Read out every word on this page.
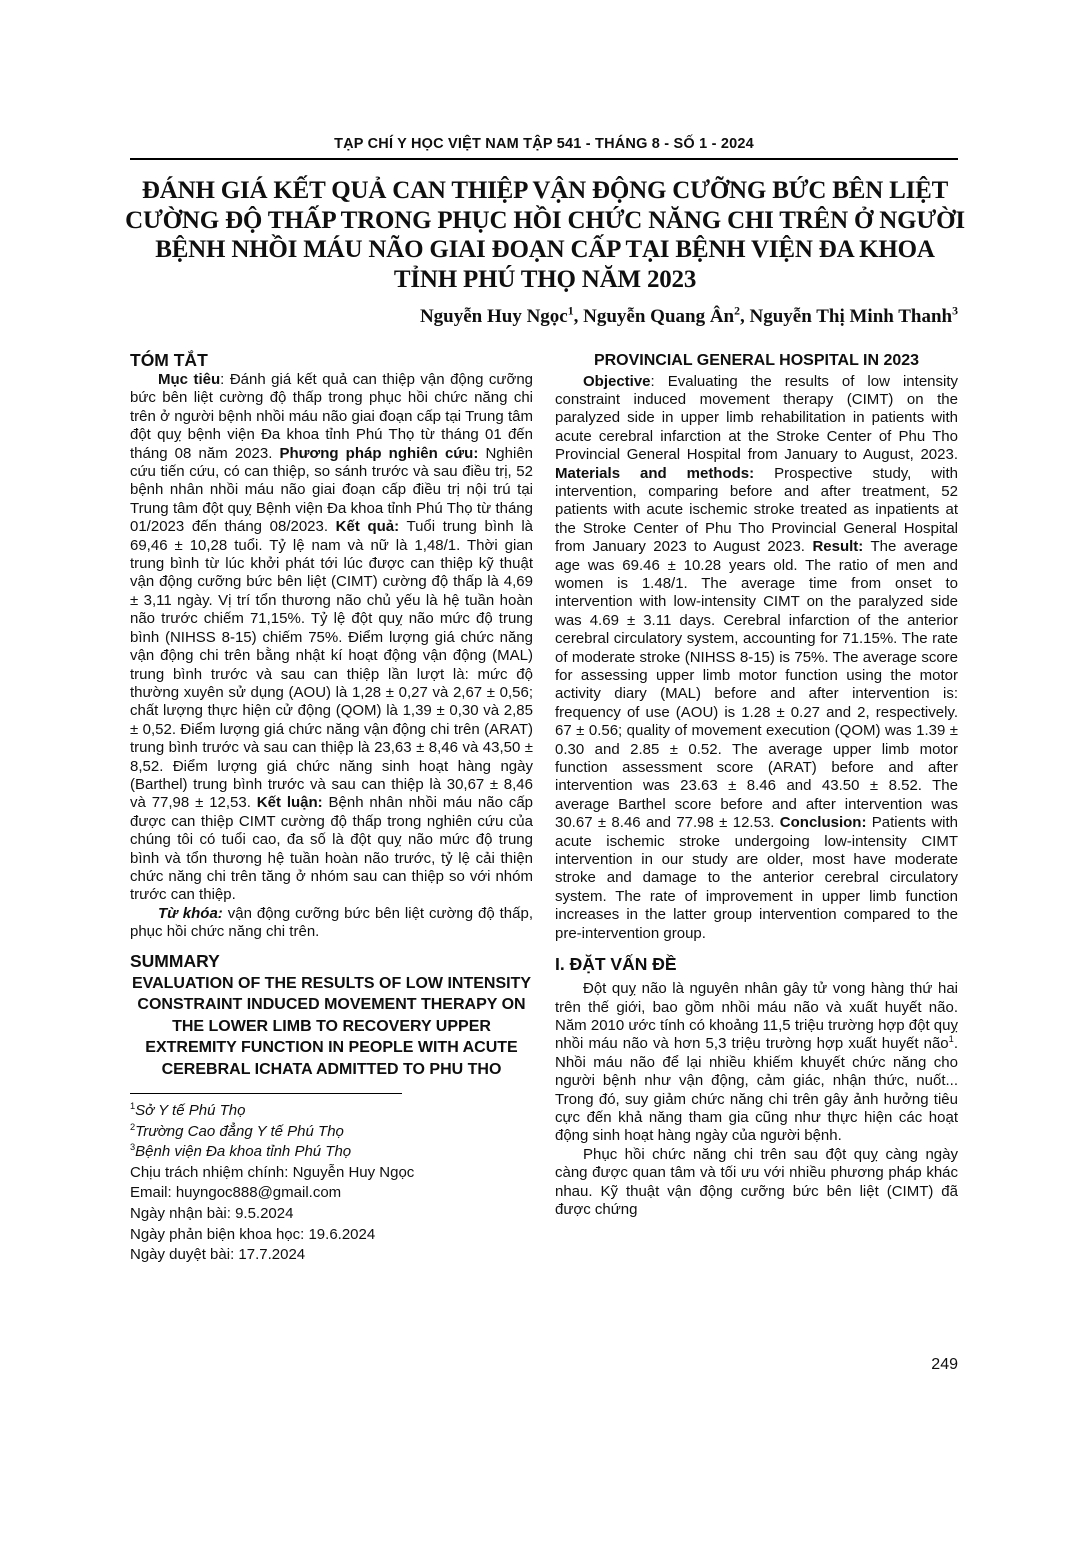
TẠP CHÍ Y HỌC VIỆT NAM TẬP 541 - THÁNG 8 - SỐ 1 - 2024
ĐÁNH GIÁ KẾT QUẢ CAN THIỆP VẬN ĐỘNG CƯỠNG BỨC BÊN LIỆT
CƯỜNG ĐỘ THẤP TRONG PHỤC HỒI CHỨC NĂNG CHI TRÊN Ở NGƯỜI
BỆNH NHỒI MÁU NÃO GIAI ĐOẠN CẤP TẠI BỆNH VIỆN ĐA KHOA
TỈNH PHÚ THỌ NĂM 2023
Nguyễn Huy Ngọc$^1$, Nguyễn Quang $Ân^2$, Nguyễn Thị Minh Thanh$^3$
TÓM TẮT

Mục tiêu: Đánh giá kết quả can thiệp vận động cưỡng bức bên liệt cường độ thấp trong phục hồi chức năng chi trên ở người bệnh nhồi máu não giai đoạn cấp tại Trung tâm đột quỵ bệnh viện Đa khoa tỉnh Phú Thọ từ tháng 01 đến tháng 08 năm 2023. Phương pháp nghiên cứu: Nghiên cứu tiến cứu, có can thiệp, so sánh trước và sau điều trị, 52 bệnh nhân nhồi máu não giai đoạn cấp điều trị nội trú tại Trung tâm đột quỵ Bệnh viện Đa khoa tỉnh Phú Thọ từ tháng 01/2023 đến tháng 08/2023. Kết quả: Tuổi trung bình là 69,46 ± 10,28 tuổi. Tỷ lệ nam và nữ là 1,48/1. Thời gian trung bình từ lúc khởi phát tới lúc được can thiệp kỹ thuật vận động cưỡng bức bên liệt (CIMT) cường độ thấp là 4,69 ± 3,11 ngày. Vị trí tổn thương não chủ yếu là hệ tuần hoàn não trước chiếm 71,15%. Tỷ lệ đột quỵ não mức độ trung bình (NIHSS 8-15) chiếm 75%. Điểm lượng giá chức năng vận động chi trên bằng nhật kí hoạt động vận động (MAL) trung bình trước và sau can thiệp lần lượt là: mức độ thường xuyên sử dụng (AOU) là 1,28 ± 0,27 và 2,67 ± 0,56; chất lượng thực hiện cử động (QOM) là 1,39 ± 0,30 và 2,85 ± 0,52. Điểm lượng giá chức năng vận động chi trên (ARAT) trung bình trước và sau can thiệp là 23,63 ± 8,46 và 43,50 ± 8,52. Điểm lượng giá chức năng sinh hoạt hàng ngày (Barthel) trung bình trước và sau can thiệp là 30,67 ± 8,46 và 77,98 ± 12,53. Kết luận: Bệnh nhân nhồi máu não cấp được can thiệp CIMT cường độ thấp trong nghiên cứu của chúng tôi có tuổi cao, đa số là đột quỵ não mức độ trung bình và tổn thương hệ tuần hoàn não trước, tỷ lệ cải thiện chức năng chi trên tăng ở nhóm sau can thiệp so với nhóm trước can thiệp.

Từ khóa: vận động cưỡng bức bên liệt cường độ thấp, phục hồi chức năng chi trên.

SUMMARY
EVALUATION OF THE RESULTS OF LOW INTENSITY CONSTRAINT INDUCED MOVEMENT THERAPY ON THE LOWER LIMB TO RECOVERY UPPER EXTREMITY FUNCTION IN PEOPLE WITH ACUTE CEREBRAL ICHATA ADMITTED TO PHU THO
$^1$Sở Y tế Phú Thọ
$^2$Trường Cao đẳng Y tế Phú Thọ
$^3$Bệnh viện Đa khoa tỉnh Phú Thọ
Chịu trách nhiệm chính: Nguyễn Huy Ngọc
Email: huyngoc888@gmail.com
Ngày nhận bài: 9.5.2024
Ngày phản biện khoa học: 19.6.2024
Ngày duyệt bài: 17.7.2024
PROVINCIAL GENERAL HOSPITAL IN 2023

Objective: Evaluating the results of low intensity constraint induced movement therapy (CIMT) on the paralyzed side in upper limb rehabilitation in patients with acute cerebral infarction at the Stroke Center of Phu Tho Provincial General Hospital from January to August, 2023. Materials and methods: Prospective study, with intervention, comparing before and after treatment, 52 patients with acute ischemic stroke treated as inpatients at the Stroke Center of Phu Tho Provincial General Hospital from January 2023 to August 2023. Result: The average age was 69.46 ± 10.28 years old. The ratio of men and women is 1.48/1. The average time from onset to intervention with low-intensity CIMT on the paralyzed side was 4.69 ± 3.11 days. Cerebral infarction of the anterior cerebral circulatory system, accounting for 71.15%. The rate of moderate stroke (NIHSS 8-15) is 75%. The average score for assessing upper limb motor function using the motor activity diary (MAL) before and after intervention is: frequency of use (AOU) is 1.28 ± 0.27 and 2, respectively. 67 ± 0.56; quality of movement execution (QOM) was 1.39 ± 0.30 and 2.85 ± 0.52. The average upper limb motor function assessment score (ARAT) before and after intervention was 23.63 ± 8.46 and 43.50 ± 8.52. The average Barthel score before and after intervention was 30.67 ± 8.46 and 77.98 ± 12.53. Conclusion: Patients with acute ischemic stroke undergoing low-intensity CIMT intervention in our study are older, most have moderate stroke and damage to the anterior cerebral circulatory system. The rate of improvement in upper limb function increases in the latter group intervention compared to the pre-intervention group.

I. ĐẶT VẤN ĐỀ

Đột quỵ não là nguyên nhân gây tử vong hàng thứ hai trên thế giới, bao gồm nhồi máu não và xuất huyết não. Năm 2010 ước tính có khoảng 11,5 triệu trường hợp đột quỵ nhồi máu não và hơn 5,3 triệu trường hợp xuất huyết não$^1$. Nhồi máu não để lại nhiều khiếm khuyết chức năng cho người bệnh như vận động, cảm giác, nhận thức, nuốt... Trong đó, suy giảm chức năng chi trên gây ảnh hưởng tiêu cực đến khả năng tham gia cũng như thực hiện các hoạt động sinh hoạt hàng ngày của người bệnh.

Phục hồi chức năng chi trên sau đột quỵ càng ngày càng được quan tâm và tối ưu với nhiều phương pháp khác nhau. Kỹ thuật vận động cưỡng bức bên liệt (CIMT) đã được chứng

249
